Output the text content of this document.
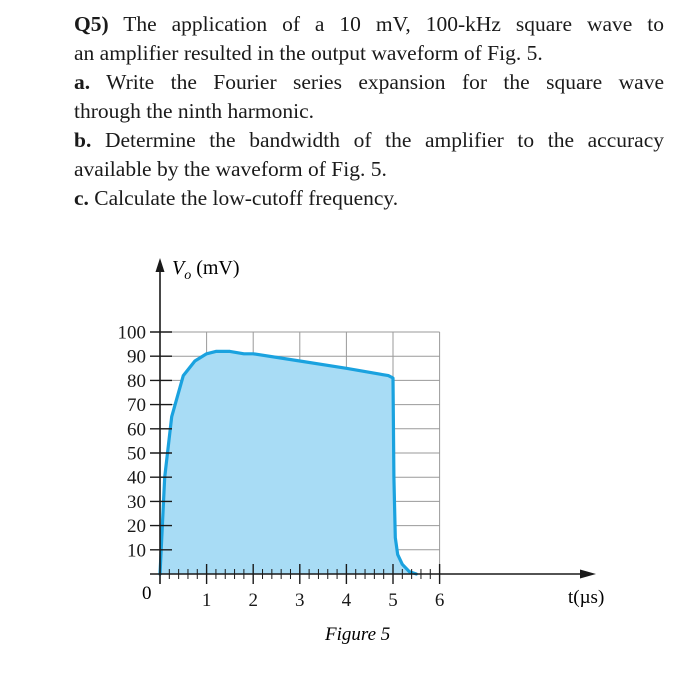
Q5) The application of a 10 mV, 100-kHz square wave to
an amplifier resulted in the output waveform of Fig. 5.
a. Write the Fourier series expansion for the square wave
through the ninth harmonic.
b. Determine the bandwidth of the amplifier to the accuracy
available by the waveform of Fig. 5.
c. Calculate the low-cutoff frequency.
10
20
30
40
50
60
70
80
90
100
1 2 3 4 5 6
$V_o$ (mV)
t(µs)
0
Figure 5
